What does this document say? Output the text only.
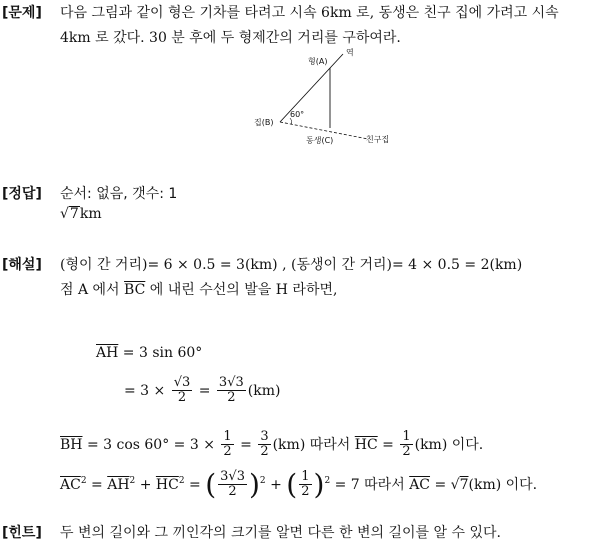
[문제] 다음 그림과 같이 형은 기차를 타려고 시속 6km 로, 동생은 친구 집에 가려고 시속
4km 로 갔다. 30 분 후에 두 형제간의 거리를 구하여라.
역
형(A)
집(B)
60°
동생(C)	친구집
[정답] 순서: 없음, 갯수: 1
√7km
[해설] (형이 간 거리)= 6 × 0.5 = 3(km) , (동생이 간 거리)= 4 × 0.5 = 2(km)
점 A 에서 $\overline{BC}$ 에 내린 수선의 발을 H 라하면,
$\overline{AH} = 3$ sin 60°
= $3 \times \frac{√3}{2} = \frac{3√3}{2} (km)$
$\overline{BH} = 3$ $\cos 60^\circ = 3 \times \frac{1}{2} = \frac{3}{2} (km)$ 따라서 $\overline{HC} = \frac{1}{2} (km)$ 이다.
$\overline{AC}^2 = \overline{AH}^2 + \overline{HC}^2$ = ( $\frac{3√3}{2} )^2$ + ( $\frac{1}{2} )^2 = 7$ 따라서 $\overline{AC} = √7(km)$ 이다.
[힌트] 두 변의 길이와 그 끼인각의 크기를 알면 다른 한 변의 길이를 알 수 있다.
